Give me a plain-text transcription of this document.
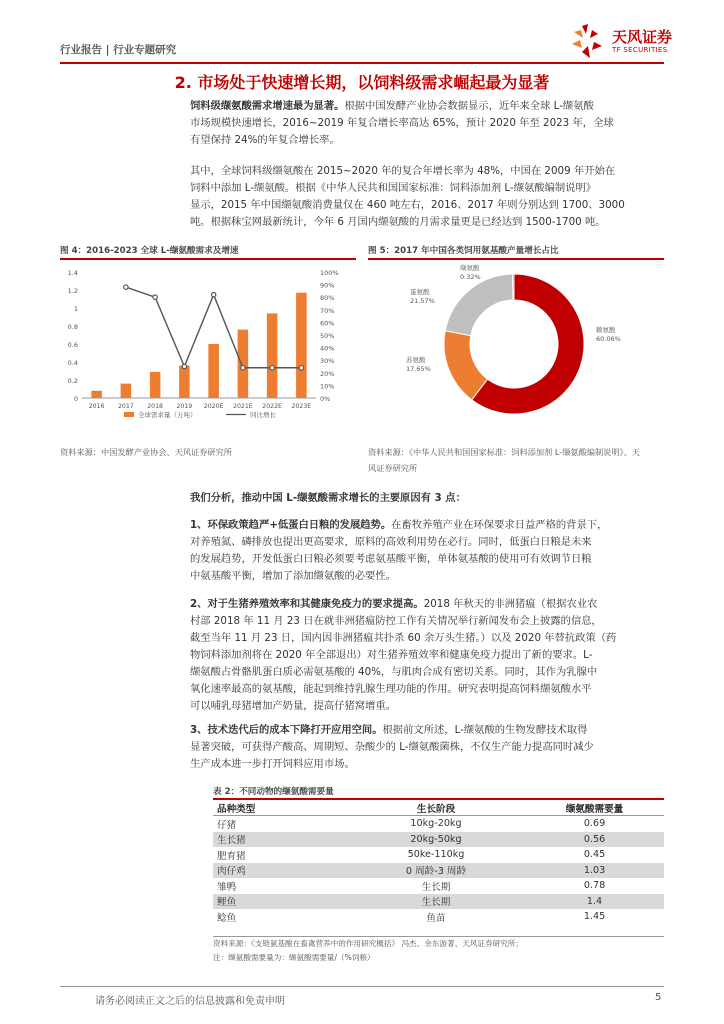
行业报告 | 行业专题研究
天风证券
TF SECURITIES
2. 市场处于快速增长期，以饲料级需求崛起最为显著
饲料级缬氨酸需求增速最为显著。根据中国发酵产业协会数据显示，近年来全球 L-缬氨酸
市场规模快速增长，2016~2019 年复合增长率高达 65%，预计 2020 年至 2023 年，全球
有望保持 24%的年复合增长率。
其中，全球饲料级缬氨酸在 2015~2020 年的复合年增长率为 48%，中国在 2009 年开始在
饲料中添加 L-缬氨酸。根据《中华人民共和国国家标准：饲料添加剂 L-缬氨酸编制说明》
显示，2015 年中国缬氨酸消费量仅在 460 吨左右，2016、2017 年则分别达到 1700、3000
吨。根据秣宝网最新统计，今年 6 月国内缬氨酸的月需求量更是已经达到 1500-1700 吨。
图 4：2016-2023 全球 L-缬氨酸需求及增速
0
0.2
0.4
0.6
0.8
1
1.2
1.4
0%
10%
20%
30%
40%
50%
60%
70%
80%
90%
100%
2016 2017 2018 2019 2020E 2021E 2022E 2023E
全球需求量（万吨）	同比增长
资料来源：中国发酵产业协会、天风证券研究所
图 5：2017 年中国各类饲用氨基酸产量增长占比
赖氨酸
60.06%
苏氨酸
17.65%
蛋氨酸
21.57%
缬氨酸
0.32%
资料来源：《中华人民共和国国家标准：饲料添加剂 L-缬氨酸编制说明》、天
风证券研究所
我们分析，推动中国 L-缬氨酸需求增长的主要原因有 3 点：
1、环保政策趋严+低蛋白日粮的发展趋势。在畜牧养殖产业在环保要求日益严格的背景下，
对养殖氮、磷排放也提出更高要求，原料的高效利用势在必行。同时，低蛋白日粮是未来
的发展趋势，开发低蛋白日粮必须要考虑氨基酸平衡，单体氨基酸的使用可有效调节日粮
中氨基酸平衡，增加了添加缬氨酸的必要性。
2、对于生猪养殖效率和其健康免疫力的要求提高。2018 年秋天的非洲猪瘟（根据农业农
村部 2018 年 11 月 23 日在就非洲猪瘟防控工作有关情况举行新闻发布会上披露的信息，
截至当年 11 月 23 日，国内因非洲猪瘟共扑杀 60 余万头生猪。）以及 2020 年替抗政策（药
物饲料添加剂将在 2020 年全部退出）对生猪养殖效率和健康免疫力提出了新的要求。L-
缬氨酸占骨骼肌蛋白质必需氨基酸的 40%，与肌肉合成有密切关系。同时，其作为乳腺中
氧化速率最高的氨基酸，能起到维持乳腺生理功能的作用。研究表明提高饲料缬氨酸水平
可以哺乳母猪增加产奶量，提高仔猪窝增重。
3、技术迭代后的成本下降打开应用空间。根据前文所述，L-缬氨酸的生物发酵技术取得
显著突破，可获得产酸高、周期短、杂酸少的 L-缬氨酸菌株，不仅生产能力提高同时减少
生产成本进一步打开饲料应用市场。
表 2：不同动物的缬氨酸需要量
品种类型	生长阶段	缬氨酸需要量
仔猪	10kg-20kg	0.69
生长猪	20kg-50kg	0.56
肥育猪	50ke-110kg	0.45
肉仔鸡	0 周龄-3 周龄	1.03
雏鸭	生长期	0.78
鲤鱼	生长期	1.4
鲶鱼	鱼苗	1.45
资料来源：《支链氨基酸在畜禽营养中的作用研究概括》 冯杰、余东游著、天风证券研究所；
注：缬氨酸需要量为：缬氨酸需要量/（%饲粮）
请务必阅读正文之后的信息披露和免责申明	5
